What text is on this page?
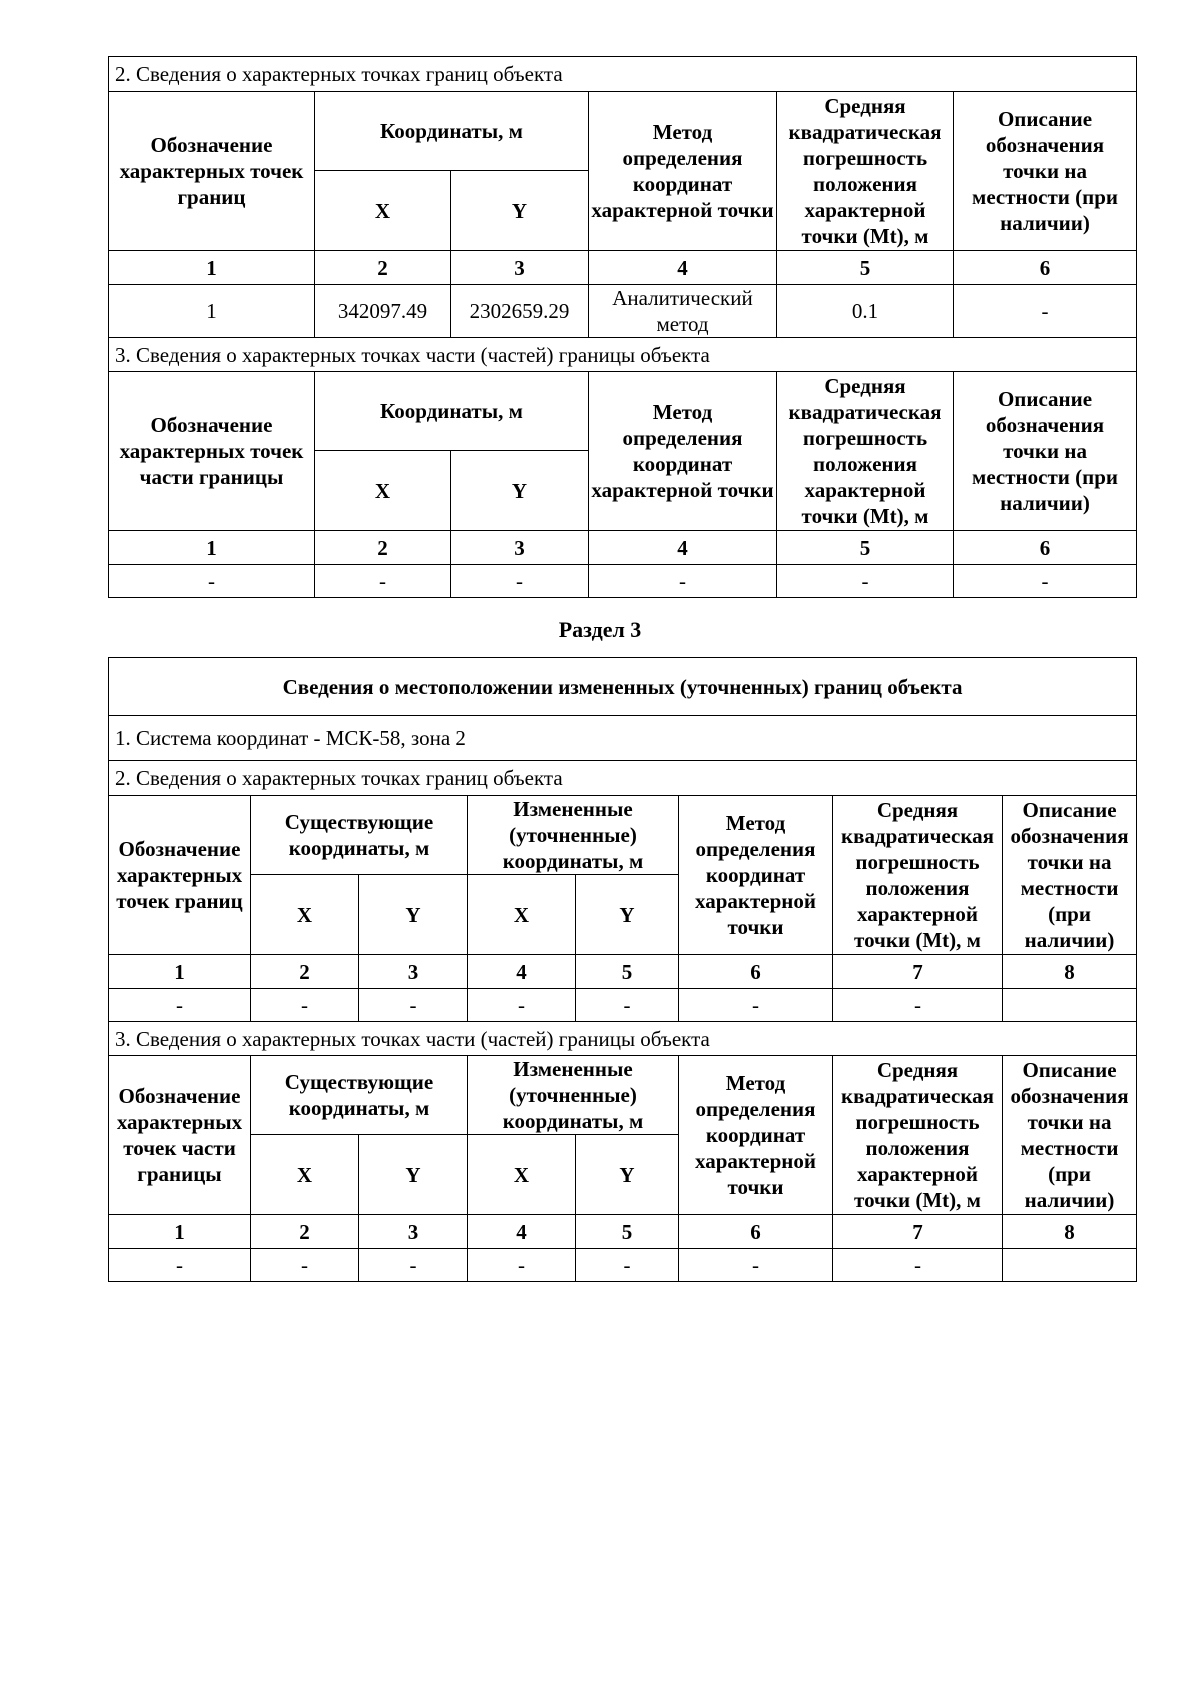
2. Сведения о характерных точках границ объекта					
Обозначение характерных точек границ	Координаты, м		Метод определения координат характерной точки	Средняя квадратическая погрешность положения характерной точки (Mt), м	Описание обозначения точки на местности (при наличии)
	X	Y			
1	2	3	4	5	6
1	342097.49	2302659.29	Аналитический метод	0.1	-
3. Сведения о характерных точках части (частей) границы объекта					
Обозначение характерных точек части границы	Координаты, м		Метод определения координат характерной точки	Средняя квадратическая погрешность положения характерной точки (Mt), м	Описание обозначения точки на местности (при наличии)
	X	Y			
1	2	3	4	5	6
-	-	-	-	-	-
Раздел 3
Сведения о местоположении измененных (уточненных) границ объекта							
1. Система координат - МСК-58, зона 2							
2. Сведения о характерных точках границ объекта							
Обозначение характерных точек границ	Существующие координаты, м		Измененные (уточненные) координаты, м		Метод определения координат характерной точки	Средняя квадратическая погрешность положения характерной точки (Mt), м	Описание обозначения точки на местности (при наличии)
	X	Y	X	Y			
1	2	3	4	5	6	7	8
-	-	-	-	-	-	-	
3. Сведения о характерных точках части (частей) границы объекта							
Обозначение характерных точек части границы	Существующие координаты, м		Измененные (уточненные) координаты, м		Метод определения координат характерной точки	Средняя квадратическая погрешность положения характерной точки (Mt), м	Описание обозначения точки на местности (при наличии)
	X	Y	X	Y			
1	2	3	4	5	6	7	8
-	-	-	-	-	-	-	
